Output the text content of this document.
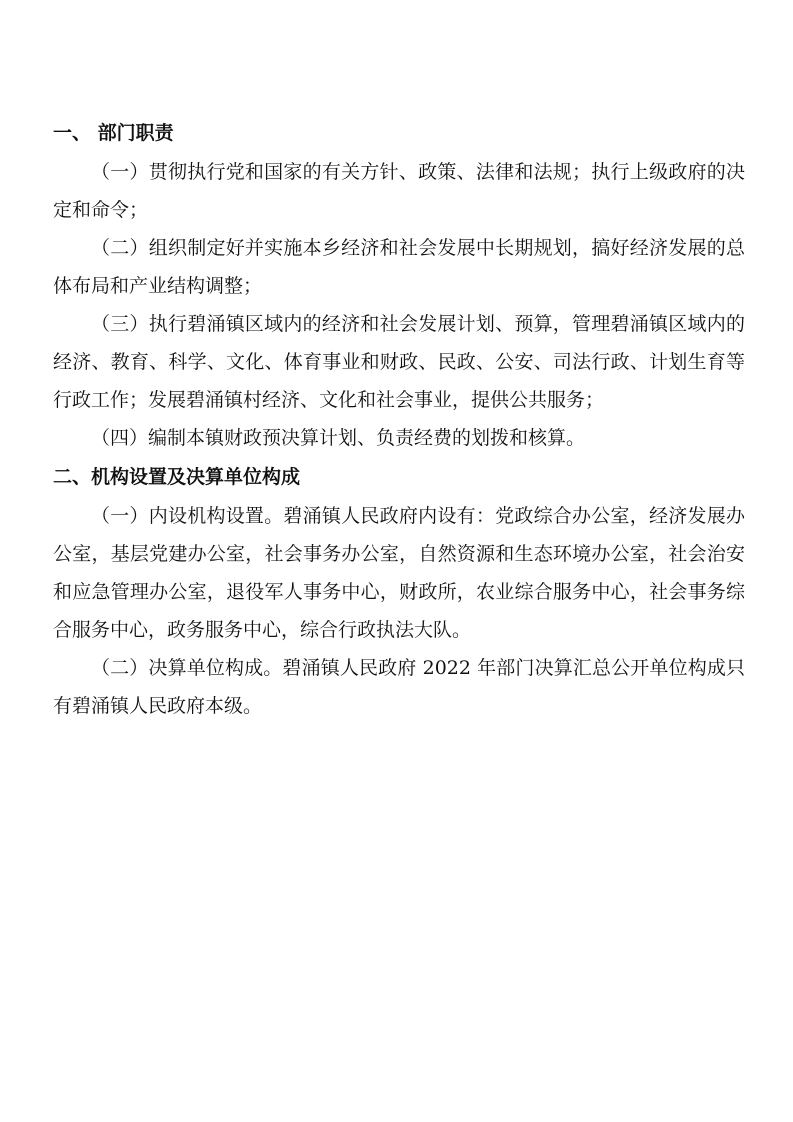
一、 部门职责

（一）贯彻执行党和国家的有关方针、政策、法律和法规；执行上级政府的决定和命令；

（二）组织制定好并实施本乡经济和社会发展中长期规划，搞好经济发展的总体布局和产业结构调整；

（三）执行碧涌镇区域内的经济和社会发展计划、预算，管理碧涌镇区域内的经济、教育、科学、文化、体育事业和财政、民政、公安、司法行政、计划生育等行政工作；发展碧涌镇村经济、文化和社会事业，提供公共服务；

（四）编制本镇财政预决算计划、负责经费的划拨和核算。

二、机构设置及决算单位构成

（一）内设机构设置。碧涌镇人民政府内设有：党政综合办公室，经济发展办公室，基层党建办公室，社会事务办公室，自然资源和生态环境办公室，社会治安和应急管理办公室，退役军人事务中心，财政所，农业综合服务中心，社会事务综合服务中心，政务服务中心，综合行政执法大队。

（二）决算单位构成。碧涌镇人民政府 2022 年部门决算汇总公开单位构成只有碧涌镇人民政府本级。
